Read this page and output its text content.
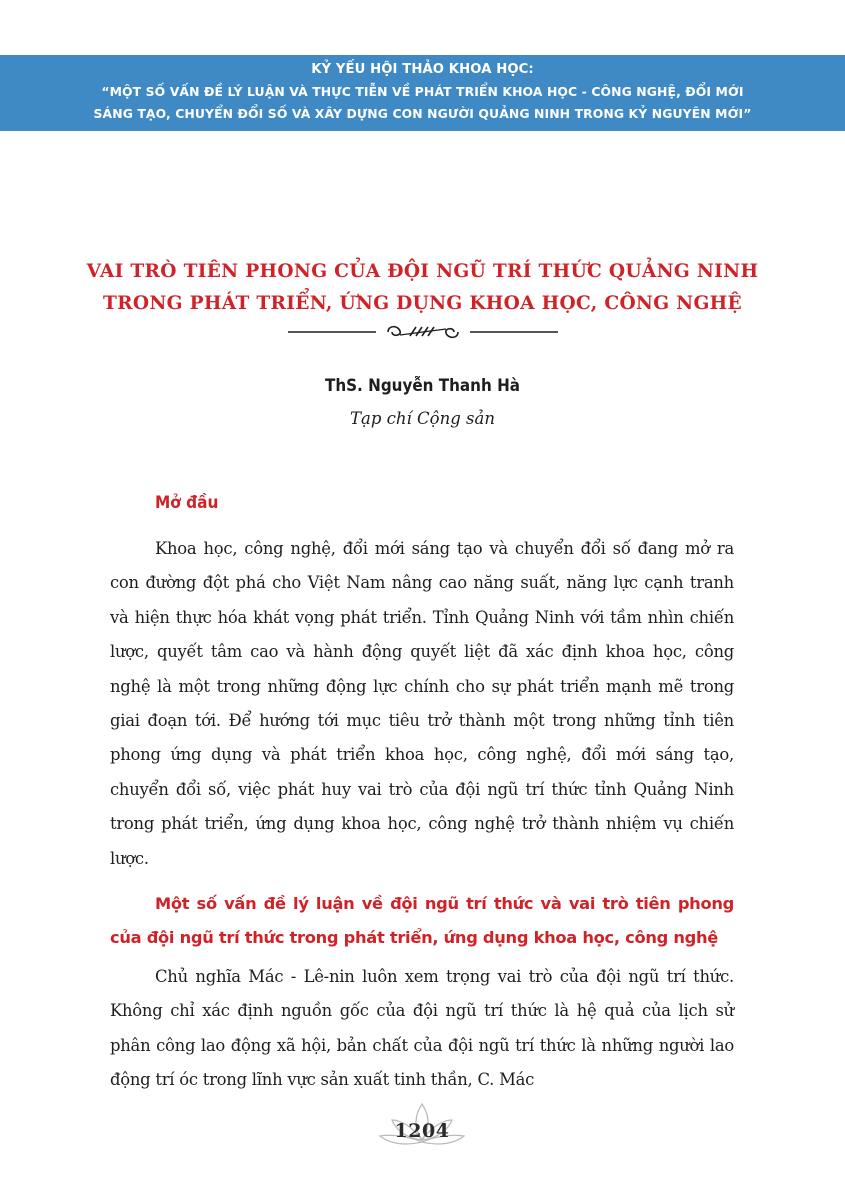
KỶ YẾU HỘI THẢO KHOA HỌC:
“MỘT SỐ VẤN ĐỀ LÝ LUẬN VÀ THỰC TIỄN VỀ PHÁT TRIỂN KHOA HỌC - CÔNG NGHỆ, ĐỔI MỚI
SÁNG TẠO, CHUYỂN ĐỔI SỐ VÀ XÂY DỰNG CON NGƯỜI QUẢNG NINH TRONG KỶ NGUYÊN MỚI”
VAI TRÒ TIÊN PHONG CỦA ĐỘI NGŨ TRÍ THỨC QUẢNG NINH
TRONG PHÁT TRIỂN, ỨNG DỤNG KHOA HỌC, CÔNG NGHỆ
ThS. Nguyễn Thanh Hà
Tạp chí Cộng sản
Mở đầu

Khoa học, công nghệ, đổi mới sáng tạo và chuyển đổi số đang mở ra con đường đột phá cho Việt Nam nâng cao năng suất, năng lực cạnh tranh và hiện thực hóa khát vọng phát triển. Tỉnh Quảng Ninh với tầm nhìn chiến lược, quyết tâm cao và hành động quyết liệt đã xác định khoa học, công nghệ là một trong những động lực chính cho sự phát triển mạnh mẽ trong giai đoạn tới. Để hướng tới mục tiêu trở thành một trong những tỉnh tiên phong ứng dụng và phát triển khoa học, công nghệ, đổi mới sáng tạo, chuyển đổi số, việc phát huy vai trò của đội ngũ trí thức tỉnh Quảng Ninh trong phát triển, ứng dụng khoa học, công nghệ trở thành nhiệm vụ chiến lược.

Một số vấn đề lý luận về đội ngũ trí thức và vai trò tiên phong của đội ngũ trí thức trong phát triển, ứng dụng khoa học, công nghệ

Chủ nghĩa Mác - Lê-nin luôn xem trọng vai trò của đội ngũ trí thức. Không chỉ xác định nguồn gốc của đội ngũ trí thức là hệ quả của lịch sử phân công lao động xã hội, bản chất của đội ngũ trí thức là những người lao động trí óc trong lĩnh vực sản xuất tinh thần, C. Mác

1204
